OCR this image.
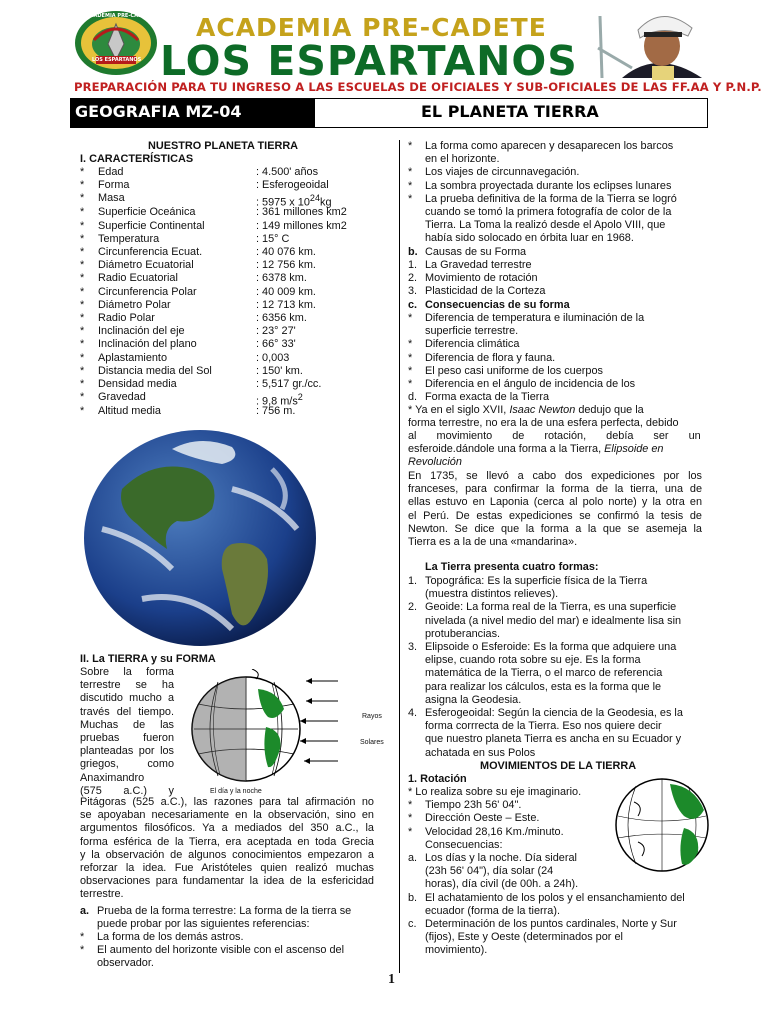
ACADEMIA PRE-CADETE
LOS ESPARTANOS
ACADEMIA PRE-CADETE
LOS ESPARTANOS
PREPARACIÓN PARA TU INGRESO A LAS ESCUELAS DE OFICIALES Y SUB-OFICIALES DE LAS FF.AA Y P.N.P.
GEOGRAFIA MZ-04	EL PLANETA TIERRA
NUESTRO PLANETA TIERRA
I. CARACTERÍSTICAS
* Edad	: 4.500' años
* Forma	: Esferogeoidal
* Masa	: 5975 x $10^{24}kg$
* Superficie Oceánica	: 361 millones km2
* Superficie Continental	: 149 millones km2
* Temperatura	: 15° C
* Circunferencia Ecuat.	: 40 076 km.
* Diámetro Ecuatorial	: 12 756 km.
* Radio Ecuatorial	: 6378 km.
* Circunferencia Polar	: 40 009 km.
* Diámetro Polar	: 12 713 km.
* Radio Polar	: 6356 km.
* Inclinación del eje	: 23° 27'
* Inclinación del plano	: 66° 33'
* Aplastamiento	: 0,003
* Distancia media del Sol	: 150' km.
* Densidad media	: 5,517 gr./cc.
* Gravedad	: 9,8 $m/s^2$
* Altitud media	: 756 m.
II. La TIERRA y su FORMA
Sobre la forma
terrestre se ha
discutido mucho a
través del tiempo.
Muchas de las
pruebas fueron
planteadas por los
griegos, como
Anaximandro
(575 a.C.) y
Rayos
Solares
El día y la noche
Pitágoras (525 a.C.), las razones para tal afirmación no
se apoyaban necesariamente en la observación, sino en
argumentos filosóficos. Ya a mediados del 350 a.C., la
forma esférica de la Tierra, era aceptada en toda Grecia
y la observación de algunos conocimientos empezaron a
reforzar la idea. Fue Aristóteles quien realizó muchas
observaciones para fundamentar la idea de la esfericidad
terrestre.
a. Prueba de la forma terrestre: La forma de la tierra se
puede probar por las siguientes referencias:
* La forma de los demás astros.
* El aumento del horizonte visible con el ascenso del
observador.
* La forma como aparecen y desaparecen los barcos
en el horizonte.
* Los viajes de circunnavegación.
* La sombra proyectada durante los eclipses lunares
* La prueba definitiva de la forma de la Tierra se logró
cuando se tomó la primera fotografía de color de la
Tierra. La Toma la realizó desde el Apolo VIII, que
había sido solocado en órbita luar en 1968.
b. Causas de su Forma
1. La Gravedad terrestre
2. Movimiento de rotación
3. Plasticidad de la Corteza
c. Consecuencias de su forma
* Diferencia de temperatura e iluminación de la
superficie terrestre.
* Diferencia climática
* Diferencia de flora y fauna.
* El peso casi uniforme de los cuerpos
* Diferencia en el ángulo de incidencia de los
d. Forma exacta de la Tierra
* Ya en el siglo XVII, Isaac Newton dedujo que la
forma terrestre, no era la de una esfera perfecta, debido
al movimiento de rotación, debía ser un
esferoide.dándole una forma a la Tierra, Elipsoide en
Revolución
En 1735, se llevó a cabo dos expediciones por los
franceses, para confirmar la forma de la tierra, una de
ellas estuvo en Laponia (cerca al polo norte) y la otra en
el Perú. De estas expediciones se confirmó la tesis de
Newton. Se dice que la forma a la que se asemeja la
Tierra es a la de una «mandarina».
La Tierra presenta cuatro formas:
1. Topográfica: Es la superficie física de la Tierra
(muestra distintos relieves).
2. Geoide: La forma real de la Tierra, es una superficie
nivelada (a nivel medio del mar) e idealmente lisa sin
protuberancias.
3. Elipsoide o Esferoide: Es la forma que adquiere una
elipse, cuando rota sobre su eje. Es la forma
matemática de la Tierra, o el marco de referencia
para realizar los cálculos, esta es la forma que le
asigna la Geodesia.
4. Esferogeoidal: Según la ciencia de la Geodesia, es la
forma corrrecta de la Tierra. Eso nos quiere decir
que nuestro planeta Tierra es ancha en su Ecuador y
achatada en sus Polos
MOVIMIENTOS DE LA TIERRA
1. Rotación
* Lo realiza sobre su eje imaginario.
* Tiempo 23h 56' 04".
* Dirección Oeste – Este.
* Velocidad 28,16 Km./minuto.
Consecuencias:
a. Los días y la noche. Día sideral
(23h 56' 04"), día solar (24
horas), día civil (de 00h. a 24h).
b. El achatamiento de los polos y el ensanchamiento del
ecuador (forma de la tierra).
c. Determinación de los puntos cardinales, Norte y Sur
(fijos), Este y Oeste (determinados por el
movimiento).
1
